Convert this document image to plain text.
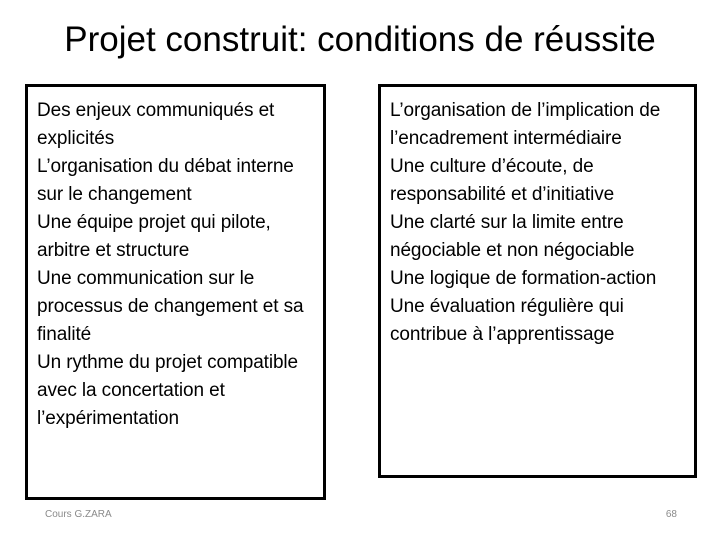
Projet construit: conditions de réussite

Des enjeux communiqués et explicités

L’organisation du débat interne sur le changement

Une équipe projet qui pilote, arbitre et structure

Une communication sur le processus de changement et sa finalité

Un rythme du projet compatible avec la concertation et l’expérimentation

L’organisation de l’implication de l’encadrement intermédiaire

Une culture d’écoute, de responsabilité et d’initiative

Une clarté sur la limite entre négociable et non négociable

Une logique de formation-action

Une évaluation régulière qui contribue à l’apprentissage

Cours G.ZARA	68
